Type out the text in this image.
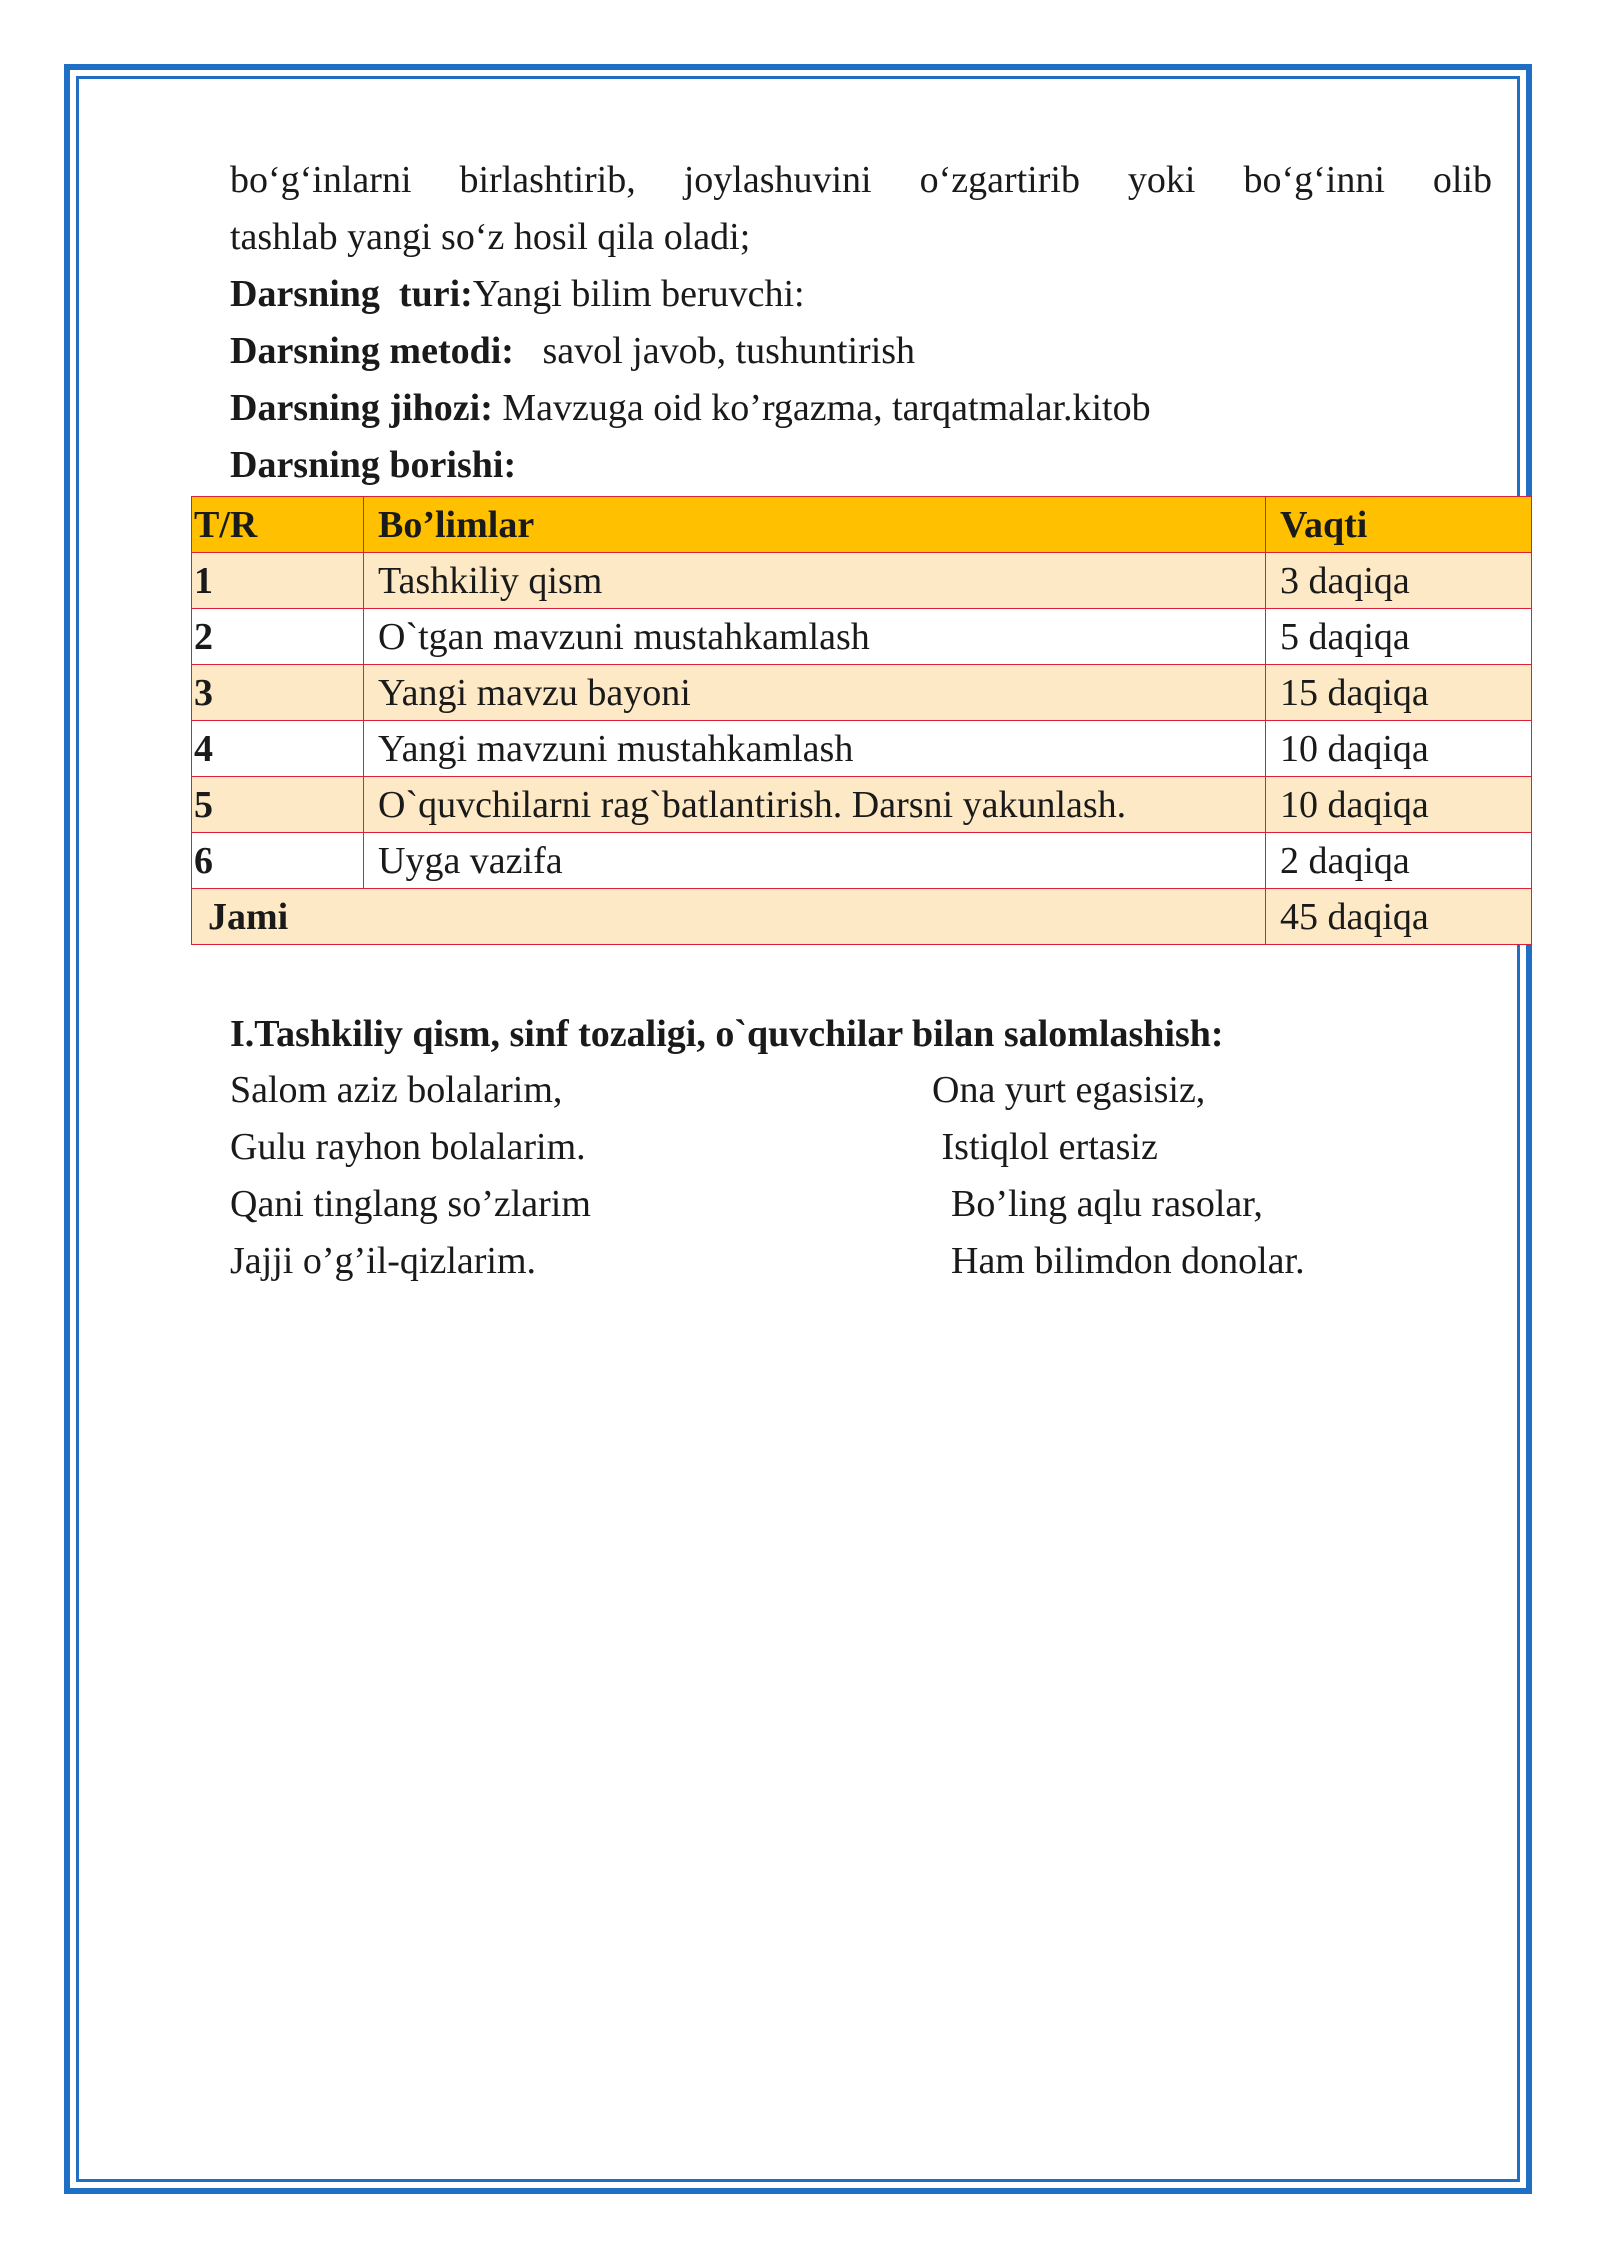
bo‘g‘inlarni birlashtirib, joylashuvini o‘zgartirib yoki bo‘g‘inni olib
tashlab yangi so‘z hosil qila oladi;
Darsning  turi:Yangi bilim beruvchi:
Darsning metodi:   savol javob, tushuntirish
Darsning jihozi: Mavzuga oid ko’rgazma, tarqatmalar.kitob
Darsning borishi:
T/R	Bo’limlar	Vaqti
1	Tashkiliy qism	3 daqiqa
2	O`tgan mavzuni mustahkamlash	5 daqiqa
3	Yangi mavzu bayoni	15 daqiqa
4	Yangi mavzuni mustahkamlash	10 daqiqa
5	O`quvchilarni rag`batlantirish. Darsni yakunlash.	10 daqiqa
6	Uyga vazifa	2 daqiqa
Jami		45 daqiqa
I.Tashkiliy qism, sinf tozaligi, o`quvchilar bilan salomlashish:
Salom aziz bolalarim,
Gulu rayhon bolalarim.
Qani tinglang so’zlarim
Jajji o’g’il-qizlarim.
Ona yurt egasisiz,
Istiqlol ertasiz
Bo’ling aqlu rasolar,
Ham bilimdon donolar.
